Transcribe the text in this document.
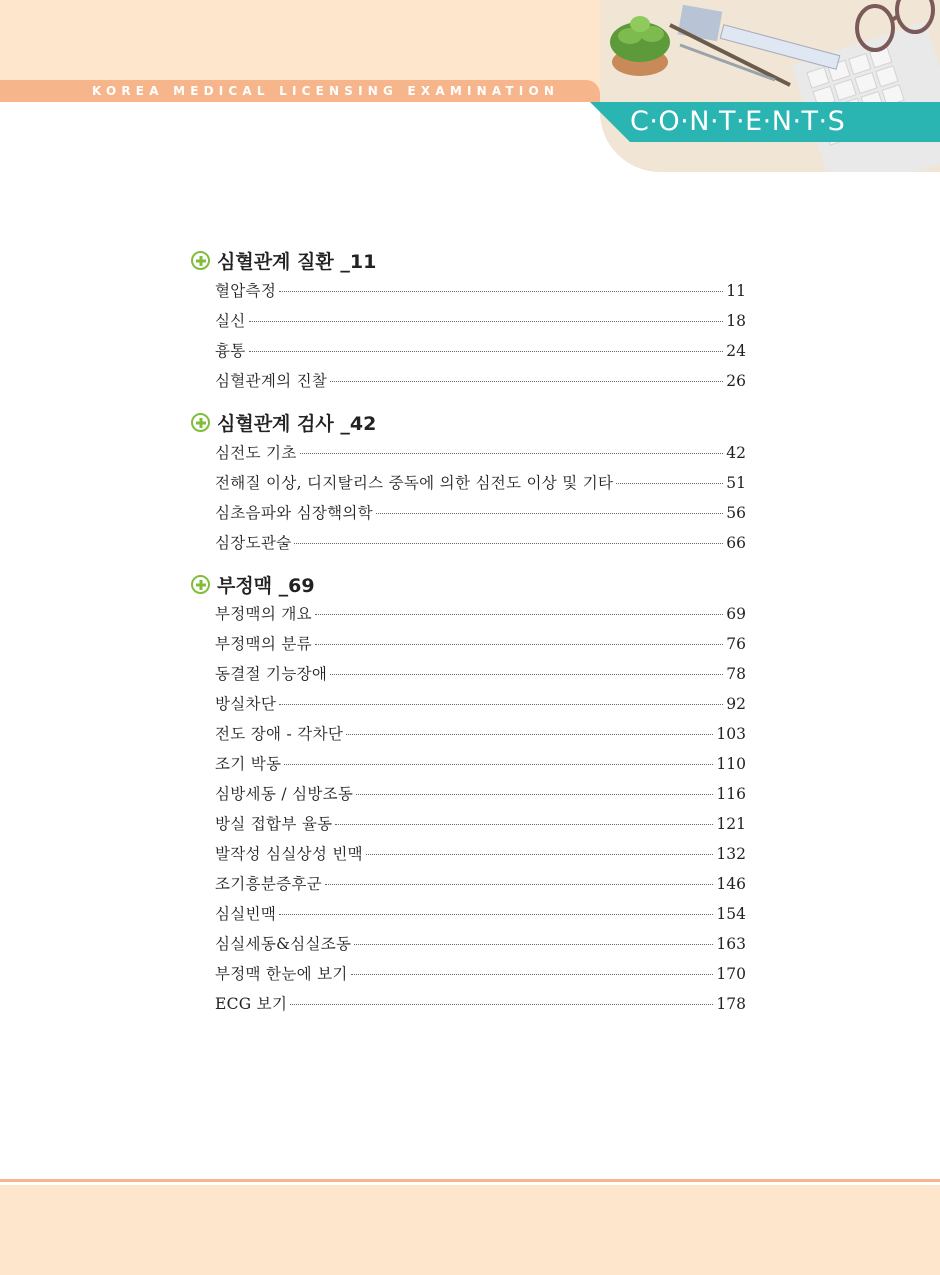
KOREA MEDICAL LICENSING EXAMINATION
C·O·N·T·E·N·T·S
심혈관계 질환 _11
혈압측정	11
실신	18
흉통	24
심혈관계의 진찰	26
심혈관계 검사 _42
심전도 기초	42
전해질 이상, 디지탈리스 중독에 의한 심전도 이상 및 기타	51
심초음파와 심장핵의학	56
심장도관술	66
부정맥 _69
부정맥의 개요	69
부정맥의 분류	76
동결절 기능장애	78
방실차단	92
전도 장애 - 각차단	103
조기 박동	110
심방세동 / 심방조동	116
방실 접합부 율동	121
발작성 심실상성 빈맥	132
조기흥분증후군	146
심실빈맥	154
심실세동&심실조동	163
부정맥 한눈에 보기	170
ECG 보기	178
